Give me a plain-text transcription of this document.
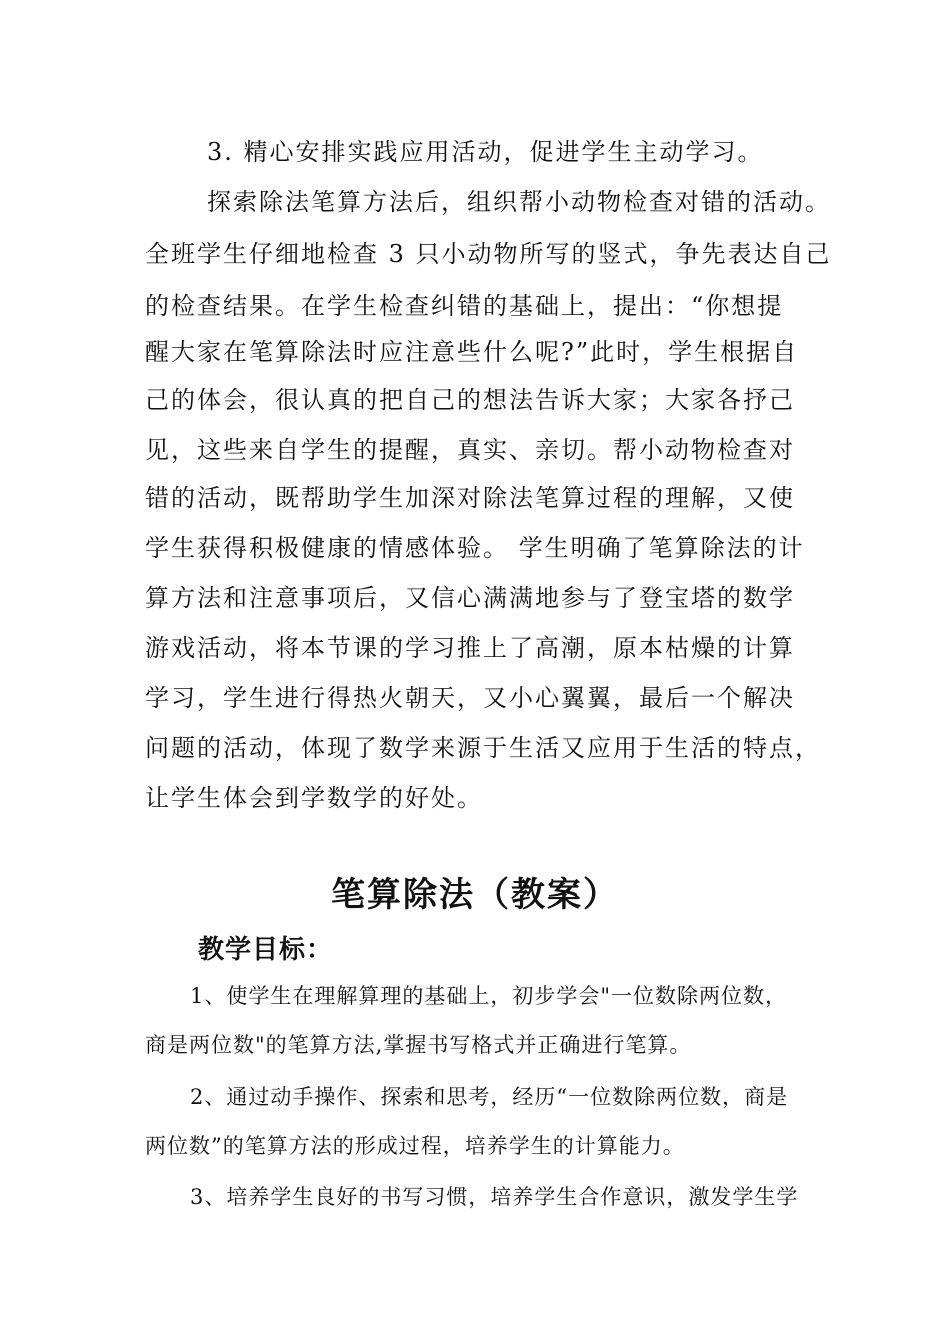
3. 精心安排实践应用活动，促进学生主动学习。
探索除法笔算方法后，组织帮小动物检查对错的活动。
全班学生仔细地检查 3 只小动物所写的竖式，争先表达自己
的检查结果。在学生检查纠错的基础上，提出：“你想提
醒大家在笔算除法时应注意些什么呢?”此时，学生根据自
己的体会，很认真的把自己的想法告诉大家；大家各抒己
见，这些来自学生的提醒，真实、亲切。帮小动物检查对
错的活动，既帮助学生加深对除法笔算过程的理解，又使
学生获得积极健康的情感体验。 学生明确了笔算除法的计
算方法和注意事项后，又信心满满地参与了登宝塔的数学
游戏活动，将本节课的学习推上了高潮，原本枯燥的计算
学习，学生进行得热火朝天，又小心翼翼，最后一个解决
问题的活动，体现了数学来源于生活又应用于生活的特点，
让学生体会到学数学的好处。
笔算除法（教案）
教学目标：
1、使学生在理解算理的基础上，初步学会"一位数除两位数，
商是两位数"的笔算方法,掌握书写格式并正确进行笔算。
2、通过动手操作、探索和思考，经历“一位数除两位数，商是
两位数”的笔算方法的形成过程，培养学生的计算能力。
3、培养学生良好的书写习惯，培养学生合作意识，激发学生学
